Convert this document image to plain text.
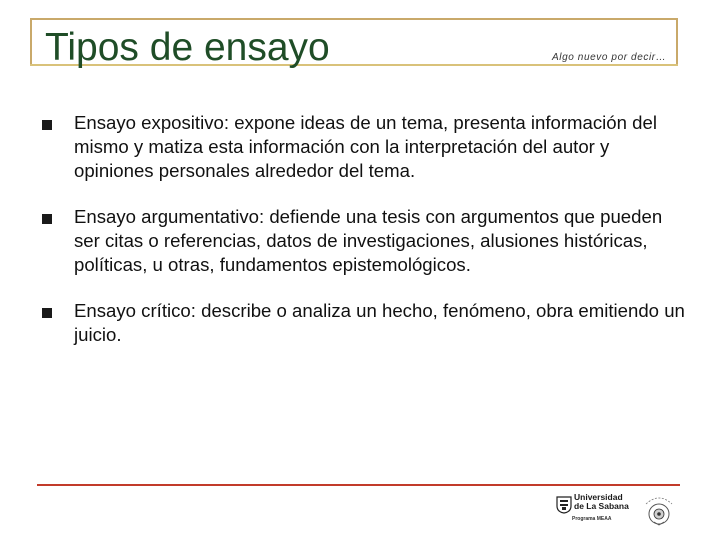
Tipos de ensayo	Algo nuevo por decir…
Ensayo expositivo: expone ideas de un tema, presenta información del mismo y matiza esta información con la interpretación del autor y opiniones personales alrededor del tema.
Ensayo argumentativo: defiende una tesis con argumentos que pueden ser citas o referencias, datos de investigaciones, alusiones históricas, políticas, u otras, fundamentos epistemológicos.
Ensayo crítico: describe o analiza un hecho, fenómeno, obra emitiendo un juicio.
Universidad
de La Sabana
Programa MEAA
